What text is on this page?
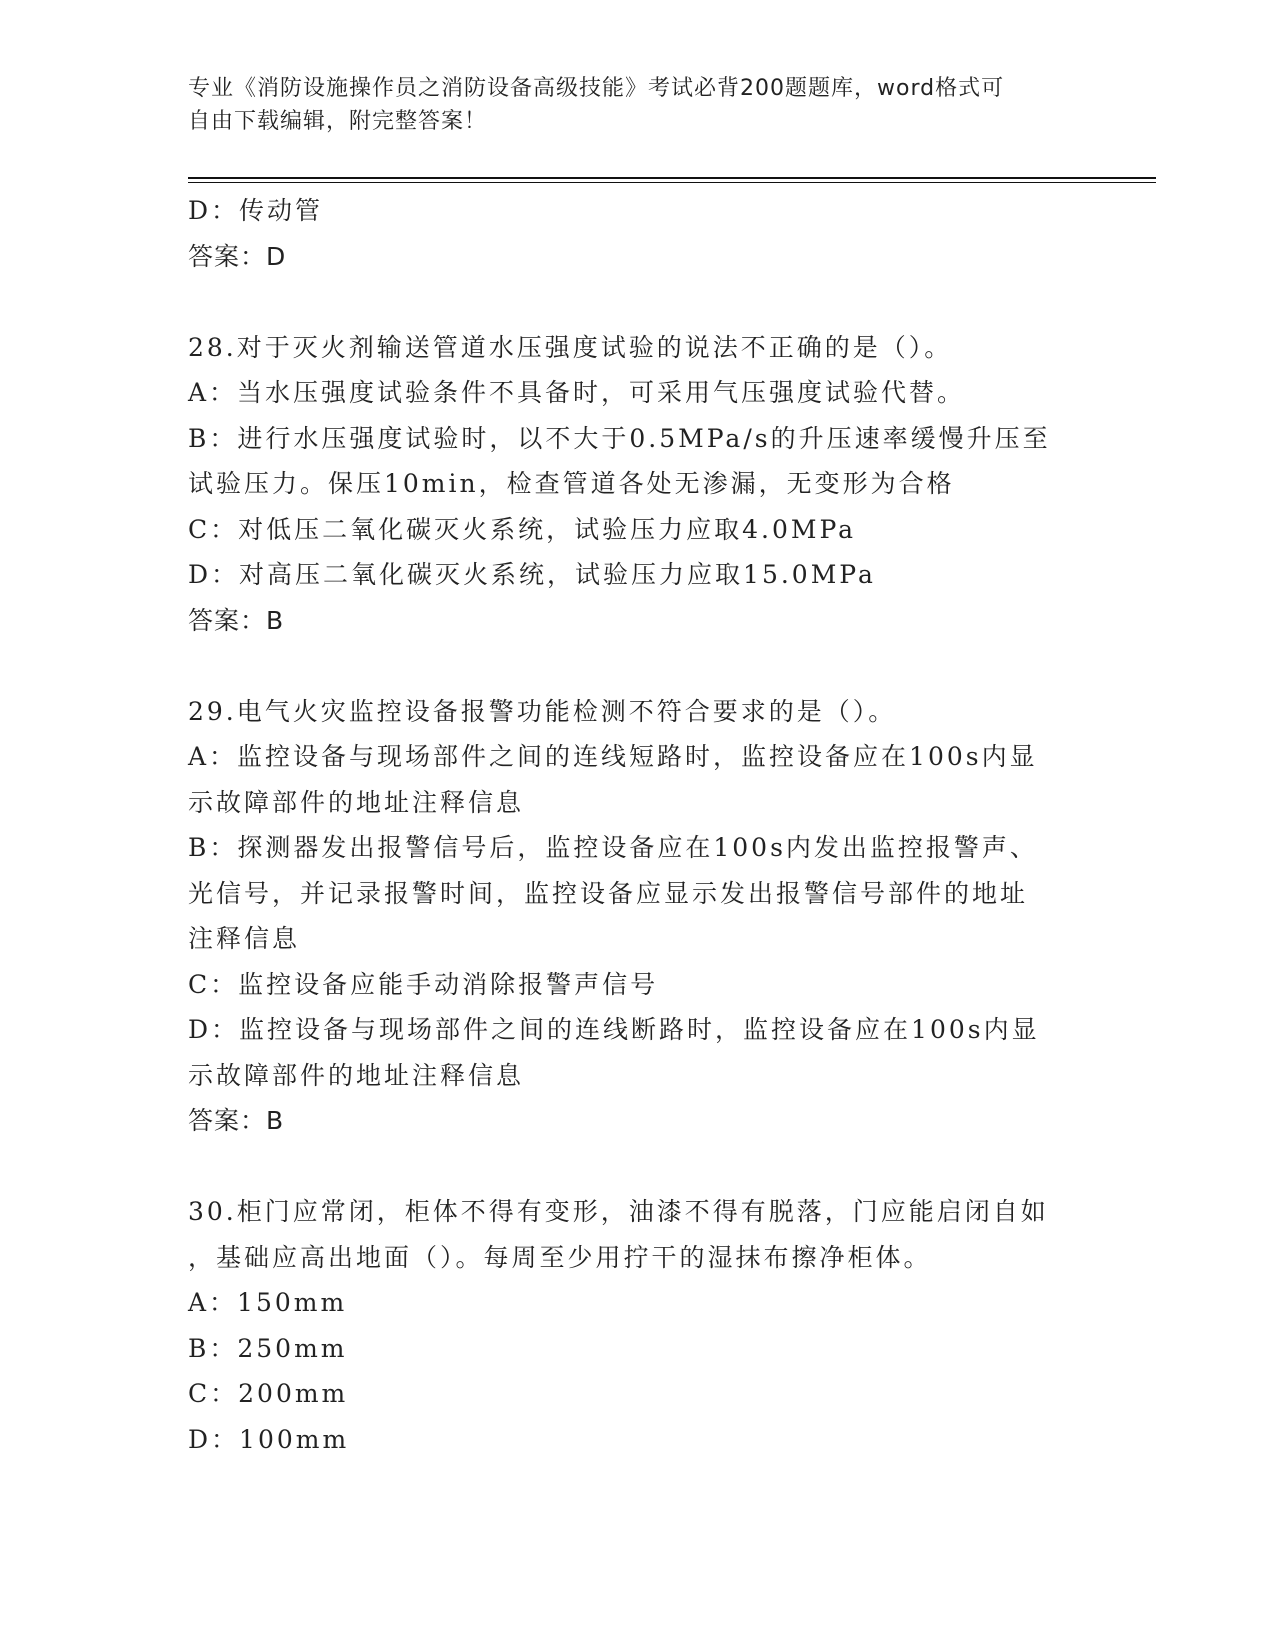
专业《消防设施操作员之消防设备高级技能》考试必背200题题库，word格式可
自由下载编辑，附完整答案！
D：传动管
答案：D
28.对于灭火剂输送管道水压强度试验的说法不正确的是（）。
A：当水压强度试验条件不具备时，可采用气压强度试验代替。
B：进行水压强度试验时，以不大于0.5MPa/s的升压速率缓慢升压至
试验压力。保压10min，检查管道各处无渗漏，无变形为合格
C：对低压二氧化碳灭火系统，试验压力应取4.0MPa
D：对高压二氧化碳灭火系统，试验压力应取15.0MPa
答案：B
29.电气火灾监控设备报警功能检测不符合要求的是（）。
A：监控设备与现场部件之间的连线短路时，监控设备应在100s内显
示故障部件的地址注释信息
B：探测器发出报警信号后，监控设备应在100s内发出监控报警声、
光信号，并记录报警时间，监控设备应显示发出报警信号部件的地址
注释信息
C：监控设备应能手动消除报警声信号
D：监控设备与现场部件之间的连线断路时，监控设备应在100s内显
示故障部件的地址注释信息
答案：B
30.柜门应常闭，柜体不得有变形，油漆不得有脱落，门应能启闭自如
，基础应高出地面（）。每周至少用拧干的湿抹布擦净柜体。
A：150mm
B：250mm
C：200mm
D：100mm
